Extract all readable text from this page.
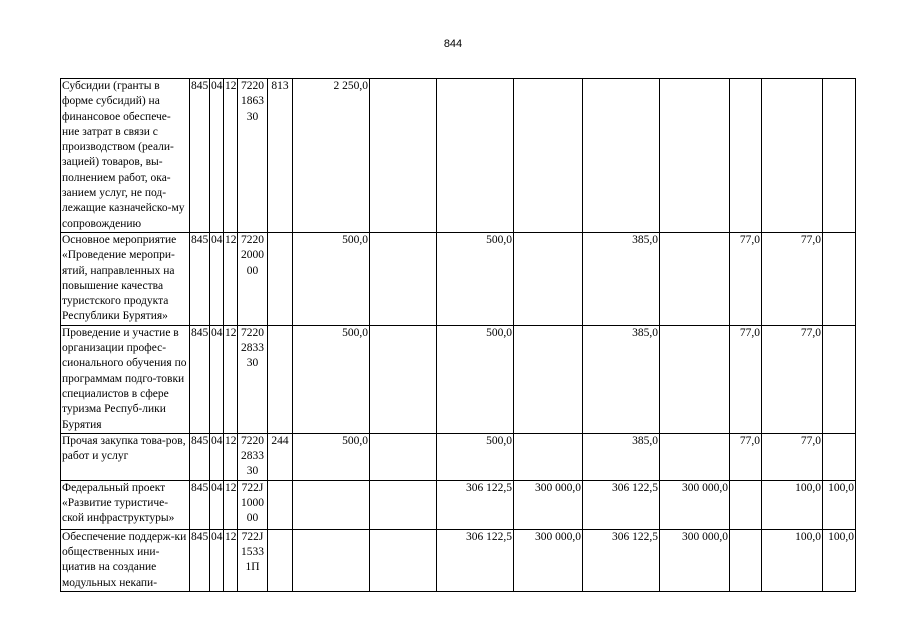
844
Субсидии (гранты в форме субсидий) на финансовое обеспече-ние затрат в связи с производством (реали-зацией) товаров, вы-полнением работ, ока-занием услуг, не под-лежащие казначейско-му сопровождению	845	04	12	7220
1863
30	813	2 250,0								
Основное мероприятие «Проведение меропри-ятий, направленных на повышение качества туристского продукта Республики Бурятия»	845	04	12	7220
2000
00		500,0		500,0		385,0		77,0	77,0	
Проведение и участие в организации профес-сионального обучения по программам подго-товки специалистов в сфере туризма Респуб-лики Бурятия	845	04	12	7220
2833
30		500,0		500,0		385,0		77,0	77,0	
Прочая закупка това-ров, работ и услуг	845	04	12	7220
2833
30	244	500,0		500,0		385,0		77,0	77,0	
Федеральный проект «Развитие туристиче-ской инфраструктуры»	845	04	12	722J
1000
00				306 122,5	300 000,0	306 122,5	300 000,0		100,0	100,0
Обеспечение поддерж-ки общественных ини-циатив на создание модульных некапи-	845	04	12	722J
1533
1П				306 122,5	300 000,0	306 122,5	300 000,0		100,0	100,0
